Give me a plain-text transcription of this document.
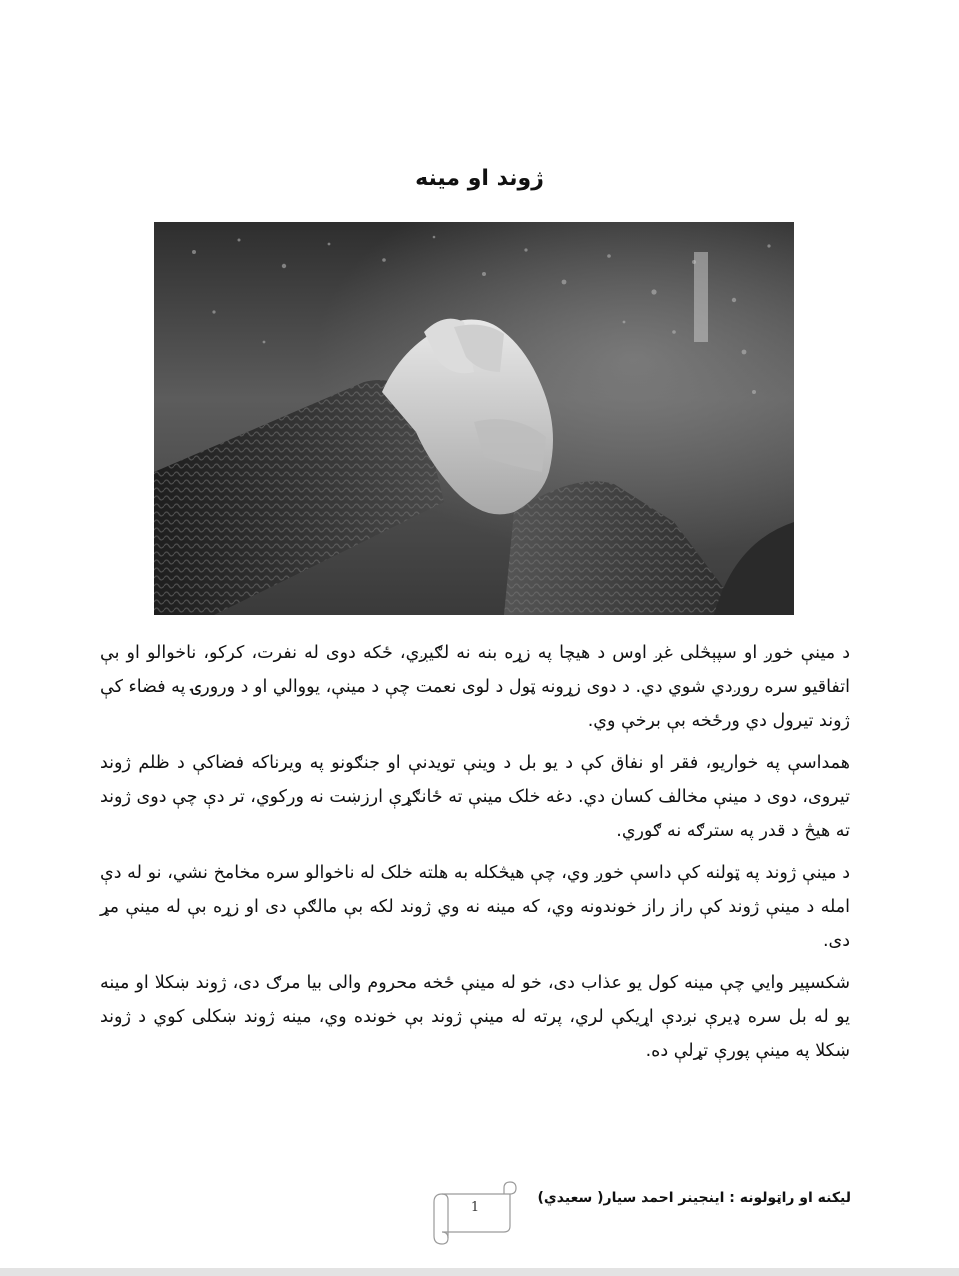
ژوند او مینه

د مینې خوږ او سپېڅلی غږ اوس د هیچا په زړه بنه نه لګیږي، ځکه دوی له نفرت، کرکو، ناخوالو او بې اتفاقیو سره روږدي شوي دي. د دوی زړونه ټول د لوی نعمت چې د مینې، یووالي او د ورورۍ په فضاء کې ژوند تیرول دي ورځخه بې برخې وي.

همداسې په خواریو، فقر او نفاق کې د یو بل د وینې تویدنې او جنګونو په ویرناکه فضاکې د ظلم ژوند تیروی، دوی د مینې مخالف کسان دي. دغه خلک مینې ته ځانګړې ارزښت نه ورکوي، تر دې چې دوی ژوند ته هیڅ د قدر په سترګه نه ګوري.

د مینې ژوند په ټولنه کې داسې خوږ وي، چې هیڅکله به هلته خلک له ناخوالو سره مخامخ نشي، نو له دې امله د مینې ژوند کې راز راز خوندونه وي، که مینه نه وي ژوند لکه بې مالګې دی او زړه بې له مینې مړ دی.

شکسپیر وایي چې مینه کول یو عذاب دی، خو له مینې ځخه محروم والی بیا مرګ دی، ژوند ښکلا او مینه یو له بل سره ډیرې نږدې اړیکې لري، پرته له مینې ژوند بې خونده وي، مینه ژوند ښکلی کوي د ژوند ښکلا په مینې پورې تړلې ده.

لیکنه او راټولونه : اینجینر احمد سیار( سعیدي)
1
